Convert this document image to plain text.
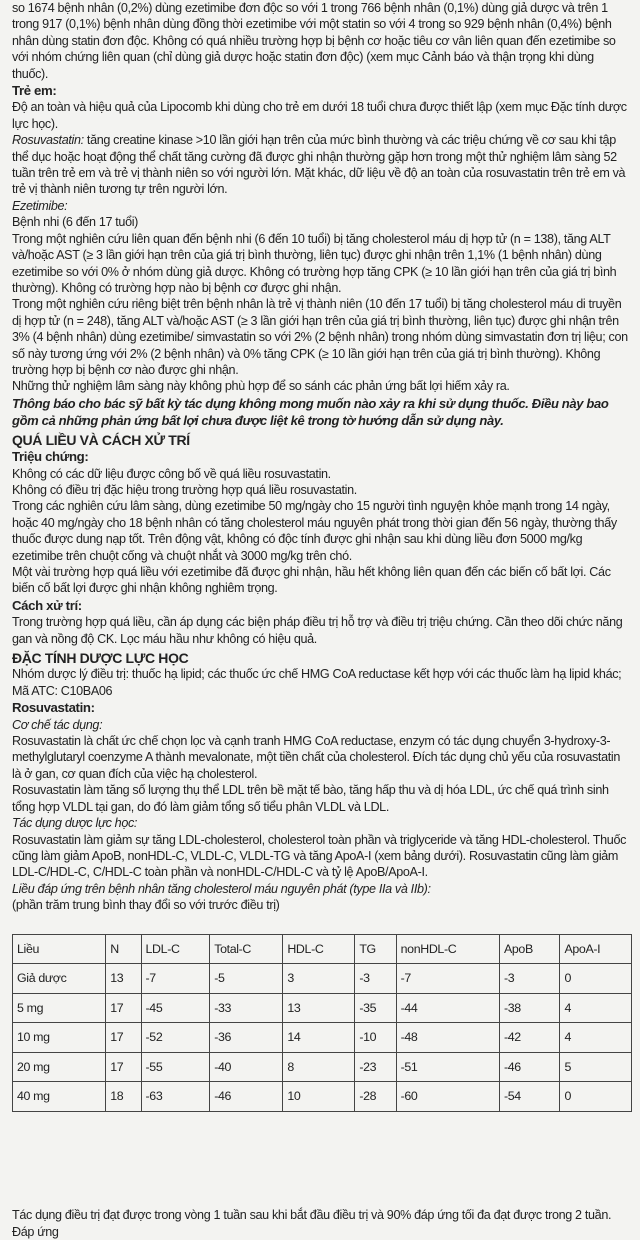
so 1674 bệnh nhân (0,2%) dùng ezetimibe đơn độc so với 1 trong 766 bệnh nhân (0,1%) dùng giả dược và trên 1 trong 917 (0,1%) bệnh nhân dùng đồng thời ezetimibe với một statin so với 4 trong so 929 bệnh nhân (0,4%) bệnh nhân dùng statin đơn độc. Không có quá nhiều trường hợp bị bệnh cơ hoặc tiêu cơ vân liên quan đến ezetimibe so với nhóm chứng liên quan (chỉ dùng giả dược hoặc statin đơn độc) (xem mục Cảnh báo và thận trọng khi dùng thuốc).

Trẻ em:

Độ an toàn và hiệu quả của Lipocomb khi dùng cho trẻ em dưới 18 tuổi chưa được thiết lập (xem mục Đặc tính dược lực học).

Rosuvastatin: tăng creatine kinase >10 lần giới hạn trên của mức bình thường và các triệu chứng về cơ sau khi tập thể dục hoặc hoạt động thể chất tăng cường đã được ghi nhận thường gặp hơn trong một thử nghiệm lâm sàng 52 tuần trên trẻ em và trẻ vị thành niên so với người lớn. Mặt khác, dữ liệu về độ an toàn của rosuvastatin trên trẻ em và trẻ vị thành niên tương tự trên người lớn.

Ezetimibe:

Bệnh nhi (6 đến 17 tuổi)

Trong một nghiên cứu liên quan đến bệnh nhi (6 đến 10 tuổi) bị tăng cholesterol máu dị hợp tử (n = 138), tăng ALT và/hoặc AST (≥ 3 lần giới hạn trên của giá trị bình thường, liên tục) được ghi nhận trên 1,1% (1 bệnh nhân) dùng ezetimibe so với 0% ở nhóm dùng giả dược. Không có trường hợp tăng CPK (≥ 10 lần giới hạn trên của giá trị bình thường). Không có trường hợp nào bị bệnh cơ được ghi nhận.

Trong một nghiên cứu riêng biệt trên bệnh nhân là trẻ vị thành niên (10 đến 17 tuổi) bị tăng cholesterol máu di truyền dị hợp tử (n = 248), tăng ALT và/hoặc AST (≥ 3 lần giới hạn trên của giá trị bình thường, liên tục) được ghi nhận trên 3% (4 bệnh nhân) dùng ezetimibe/ simvastatin so với 2% (2 bệnh nhân) trong nhóm dùng simvastatin đơn trị liệu; con số này tương ứng với 2% (2 bệnh nhân) và 0% tăng CPK (≥ 10 lần giới hạn trên của giá trị bình thường). Không trường hợp bị bệnh cơ nào được ghi nhận.

Những thử nghiệm lâm sàng này không phù hợp để so sánh các phản ứng bất lợi hiếm xảy ra.

Thông báo cho bác sỹ bất kỳ tác dụng không mong muốn nào xảy ra khi sử dụng thuốc. Điều này bao gồm cả những phản ứng bất lợi chưa được liệt kê trong tờ hướng dẫn sử dụng này.

QUÁ LIỀU VÀ CÁCH XỬ TRÍ

Triệu chứng:

Không có các dữ liệu được công bố về quá liều rosuvastatin.

Không có điều trị đặc hiệu trong trường hợp quá liều rosuvastatin.

Trong các nghiên cứu lâm sàng, dùng ezetimibe 50 mg/ngày cho 15 người tình nguyện khỏe mạnh trong 14 ngày, hoặc 40 mg/ngày cho 18 bệnh nhân có tăng cholesterol máu nguyên phát trong thời gian đến 56 ngày, thường thấy thuốc được dung nạp tốt. Trên động vật, không có độc tính được ghi nhận sau khi dùng liều đơn 5000 mg/kg ezetimibe trên chuột cống và chuột nhắt và 3000 mg/kg trên chó.

Một vài trường hợp quá liều với ezetimibe đã được ghi nhận, hầu hết không liên quan đến các biến cố bất lợi. Các biến cố bất lợi được ghi nhận không nghiêm trọng.

Cách xử trí:

Trong trường hợp quá liều, cần áp dụng các biện pháp điều trị hỗ trợ và điều trị triệu chứng. Cần theo dõi chức năng gan và nồng độ CK. Lọc máu hầu như không có hiệu quả.

ĐẶC TÍNH DƯỢC LỰC HỌC

Nhóm dược lý điều trị: thuốc hạ lipid; các thuốc ức chế HMG CoA reductase kết hợp với các thuốc làm hạ lipid khác; Mã ATC: C10BA06

Rosuvastatin:

Cơ chế tác dụng:

Rosuvastatin là chất ức chế chọn lọc và cạnh tranh HMG CoA reductase, enzym có tác dụng chuyển 3-hydroxy-3-methylglutaryl coenzyme A thành mevalonate, một tiền chất của cholesterol. Đích tác dụng chủ yếu của rosuvastatin là ở gan, cơ quan đích của việc hạ cholesterol.

Rosuvastatin làm tăng số lượng thụ thể LDL trên bề mặt tế bào, tăng hấp thu và dị hóa LDL, ức chế quá trình sinh tổng hợp VLDL tại gan, do đó làm giảm tổng số tiểu phân VLDL và LDL.

Tác dụng dược lực học:

Rosuvastatin làm giảm sự tăng LDL-cholesterol, cholesterol toàn phần và triglyceride và tăng HDL-cholesterol. Thuốc cũng làm giảm ApoB, nonHDL-C, VLDL-C, VLDL-TG và tăng ApoA-I (xem bảng dưới). Rosuvastatin cũng làm giảm LDL-C/HDL-C, C/HDL-C toàn phần và nonHDL-C/HDL-C và tỷ lệ ApoB/ApoA-I.

Liều đáp ứng trên bệnh nhân tăng cholesterol máu nguyên phát (type IIa và IIb):

(phần trăm trung bình thay đổi so với trước điều trị)

Liều	N	LDL-C	Total-C	HDL-C	TG	nonHDL-C	ApoB	ApoA-I
Giả dược	13	-7	-5	3	-3	-7	-3	0
5 mg	17	-45	-33	13	-35	-44	-38	4
10 mg	17	-52	-36	14	-10	-48	-42	4
20 mg	17	-55	-40	8	-23	-51	-46	5
40 mg	18	-63	-46	10	-28	-60	-54	0

Tác dụng điều trị đạt được trong vòng 1 tuần sau khi bắt đầu điều trị và 90% đáp ứng tối đa đạt được trong 2 tuần. Đáp ứng
